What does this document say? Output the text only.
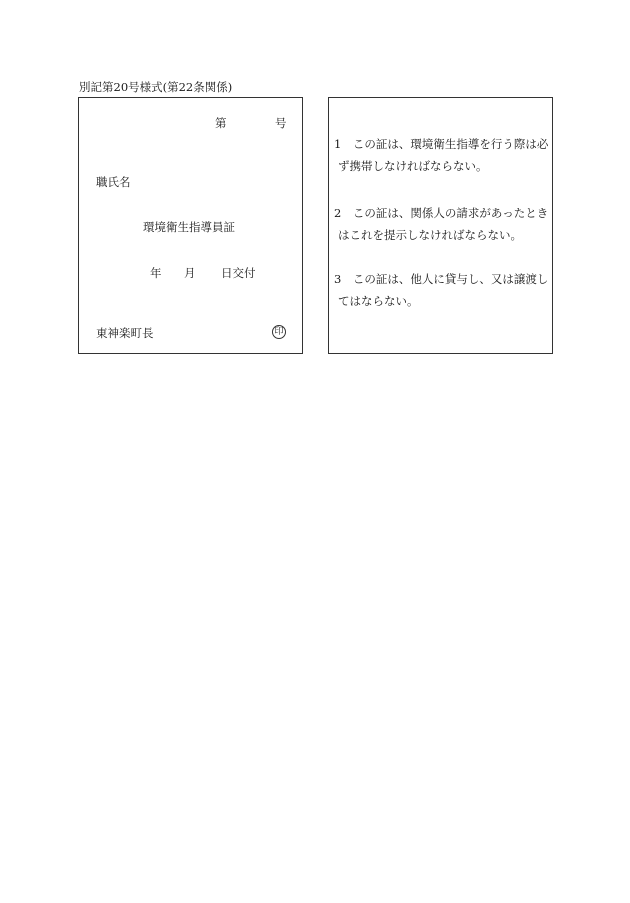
別記第20号様式(第22条関係)
第	号
職氏名
環境衛生指導員証
年 月 日交付
東神楽町長	印
1　この証は、環境衛生指導を行う際は必
ず携帯しなければならない。
2　この証は、関係人の請求があったとき
はこれを提示しなければならない。
3　この証は、他人に貸与し、又は譲渡し
てはならない。
